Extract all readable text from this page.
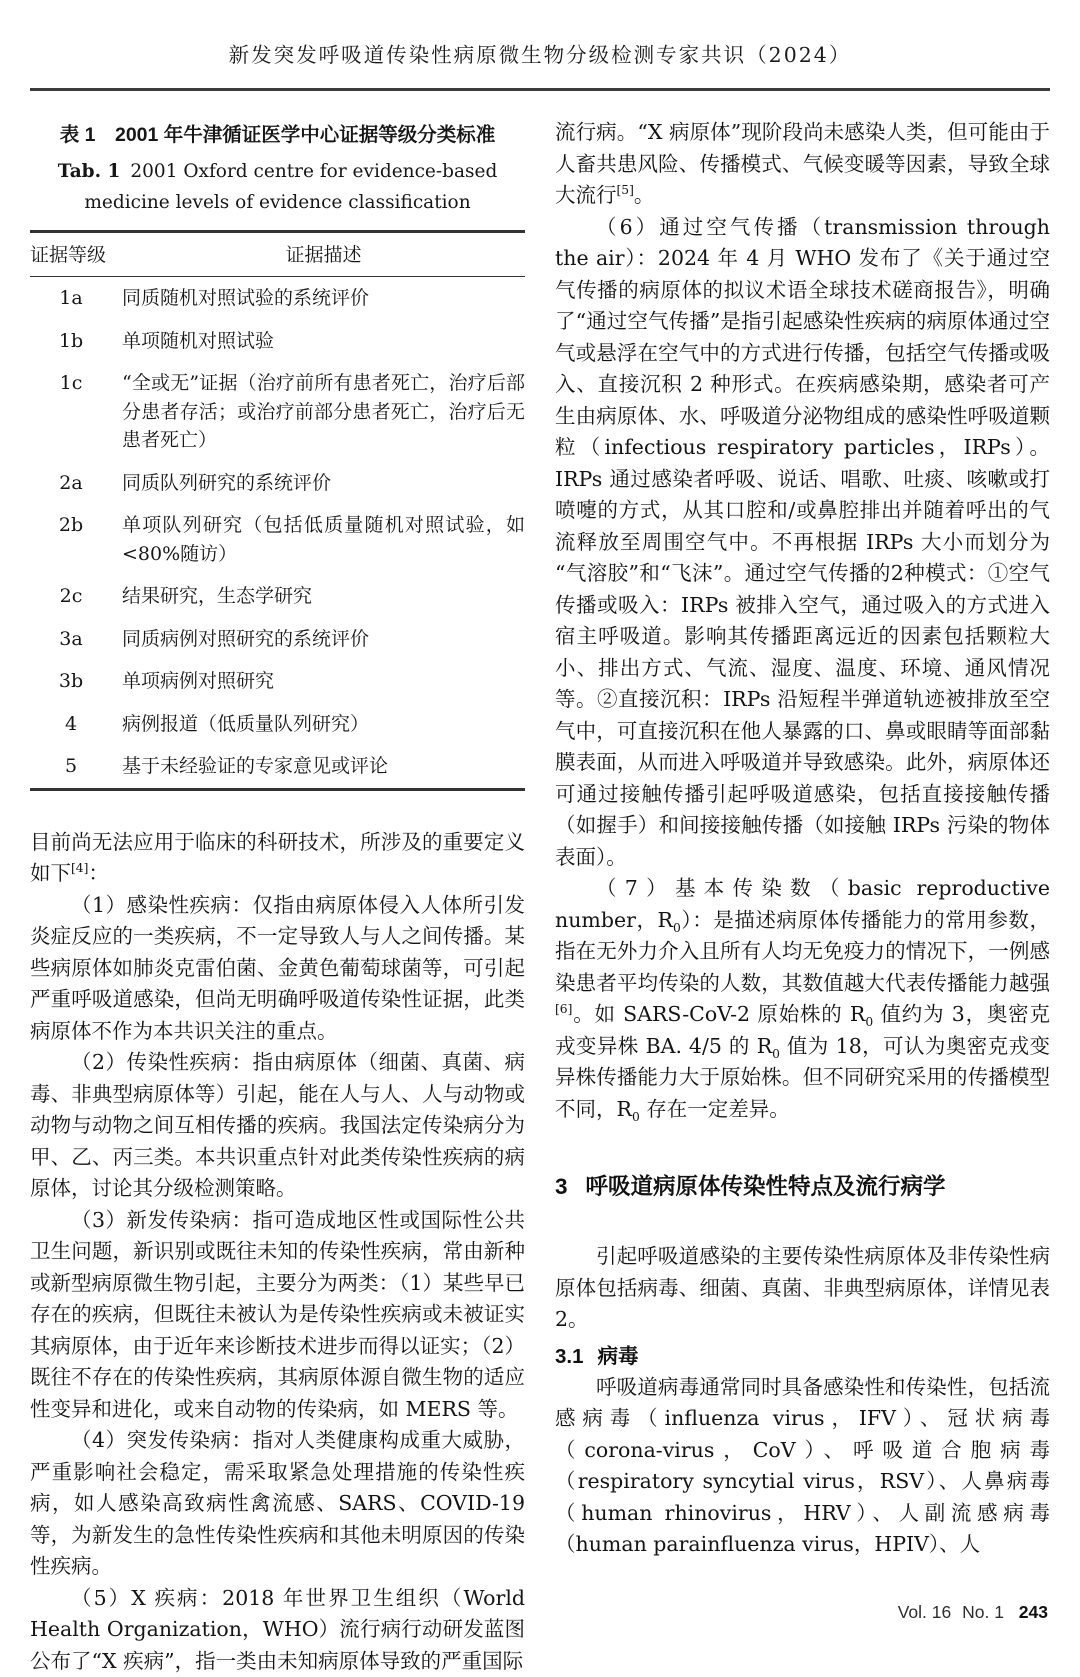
新发突发呼吸道传染性病原微生物分级检测专家共识（2024）
表 1　2001 年牛津循证医学中心证据等级分类标准
Tab. 1 2001 Oxford centre for evidence-based medicine levels of evidence classification
证据等级	证据描述
1a	同质随机对照试验的系统评价
1b	单项随机对照试验
1c	“全或无”证据（治疗前所有患者死亡，治疗后部分患者存活；或治疗前部分患者死亡，治疗后无患者死亡）
2a	同质队列研究的系统评价
2b	单项队列研究（包括低质量随机对照试验，如<80%随访）
2c	结果研究，生态学研究
3a	同质病例对照研究的系统评价
3b	单项病例对照研究
4	病例报道（低质量队列研究）
5	基于未经验证的专家意见或评论

目前尚无法应用于临床的科研技术，所涉及的重要定义如下[4]：

（1）感染性疾病：仅指由病原体侵入人体所引发炎症反应的一类疾病，不一定导致人与人之间传播。某些病原体如肺炎克雷伯菌、金黄色葡萄球菌等，可引起严重呼吸道感染，但尚无明确呼吸道传染性证据，此类病原体不作为本共识关注的重点。

（2）传染性疾病：指由病原体（细菌、真菌、病毒、非典型病原体等）引起，能在人与人、人与动物或动物与动物之间互相传播的疾病。我国法定传染病分为甲、乙、丙三类。本共识重点针对此类传染性疾病的病原体，讨论其分级检测策略。

（3）新发传染病：指可造成地区性或国际性公共卫生问题，新识别或既往未知的传染性疾病，常由新种或新型病原微生物引起，主要分为两类：（1）某些早已存在的疾病，但既往未被认为是传染性疾病或未被证实其病原体，由于近年来诊断技术进步而得以证实；（2）既往不存在的传染性疾病，其病原体源自微生物的适应性变异和进化，或来自动物的传染病，如 MERS 等。

（4）突发传染病：指对人类健康构成重大威胁，严重影响社会稳定，需采取紧急处理措施的传染性疾病，如人感染高致病性禽流感、SARS、COVID-19 等，为新发生的急性传染性疾病和其他未明原因的传染性疾病。

（5）X 疾病：2018 年世界卫生组织（World Health Organization，WHO）流行病行动研发蓝图公布了“X 疾病”，指一类由未知病原体导致的严重国际

流行病。“X 病原体”现阶段尚未感染人类，但可能由于人畜共患风险、传播模式、气候变暖等因素，导致全球大流行[5]。

（6）通过空气传播（transmission through the air）：2024 年 4 月 WHO 发布了《关于通过空气传播的病原体的拟议术语全球技术磋商报告》，明确了“通过空气传播”是指引起感染性疾病的病原体通过空气或悬浮在空气中的方式进行传播，包括空气传播或吸入、直接沉积 2 种形式。在疾病感染期，感染者可产生由病原体、水、呼吸道分泌物组成的感染性呼吸道颗粒（infectious respiratory particles，IRPs）。IRPs 通过感染者呼吸、说话、唱歌、吐痰、咳嗽或打喷嚏的方式，从其口腔和/或鼻腔排出并随着呼出的气流释放至周围空气中。不再根据 IRPs 大小而划分为“气溶胶”和“飞沫”。通过空气传播的2种模式：①空气传播或吸入：IRPs 被排入空气，通过吸入的方式进入宿主呼吸道。影响其传播距离远近的因素包括颗粒大小、排出方式、气流、湿度、温度、环境、通风情况等。②直接沉积：IRPs 沿短程半弹道轨迹被排放至空气中，可直接沉积在他人暴露的口、鼻或眼睛等面部黏膜表面，从而进入呼吸道并导致感染。此外，病原体还可通过接触传播引起呼吸道感染，包括直接接触传播（如握手）和间接接触传播（如接触 IRPs 污染的物体表面）。

（7）基本传染数（basic reproductive number，$R_0$）：是描述病原体传播能力的常用参数，指在无外力介入且所有人均无免疫力的情况下，一例感染患者平均传染的人数，其数值越大代表传播能力越强[6]。如 SARS-CoV-2 原始株的 $R_0$ 值约为 3，奥密克戎变异株 BA. 4/5 的 $R_0$ 值为 18，可认为奥密克戎变异株传播能力大于原始株。但不同研究采用的传播模型不同，$R_0$ 存在一定差异。

3 呼吸道病原体传染性特点及流行病学

引起呼吸道感染的主要传染性病原体及非传染性病原体包括病毒、细菌、真菌、非典型病原体，详情见表 2。

3.1 病毒

呼吸道病毒通常同时具备感染性和传染性，包括流感病毒（influenza virus，IFV）、冠状病毒（corona-virus，CoV）、呼吸道合胞病毒（respiratory syncytial virus，RSV）、人鼻病毒（human rhinovirus，HRV）、人副流感病毒（human parainfluenza virus，HPIV）、人

Vol. 16 No. 1 243
